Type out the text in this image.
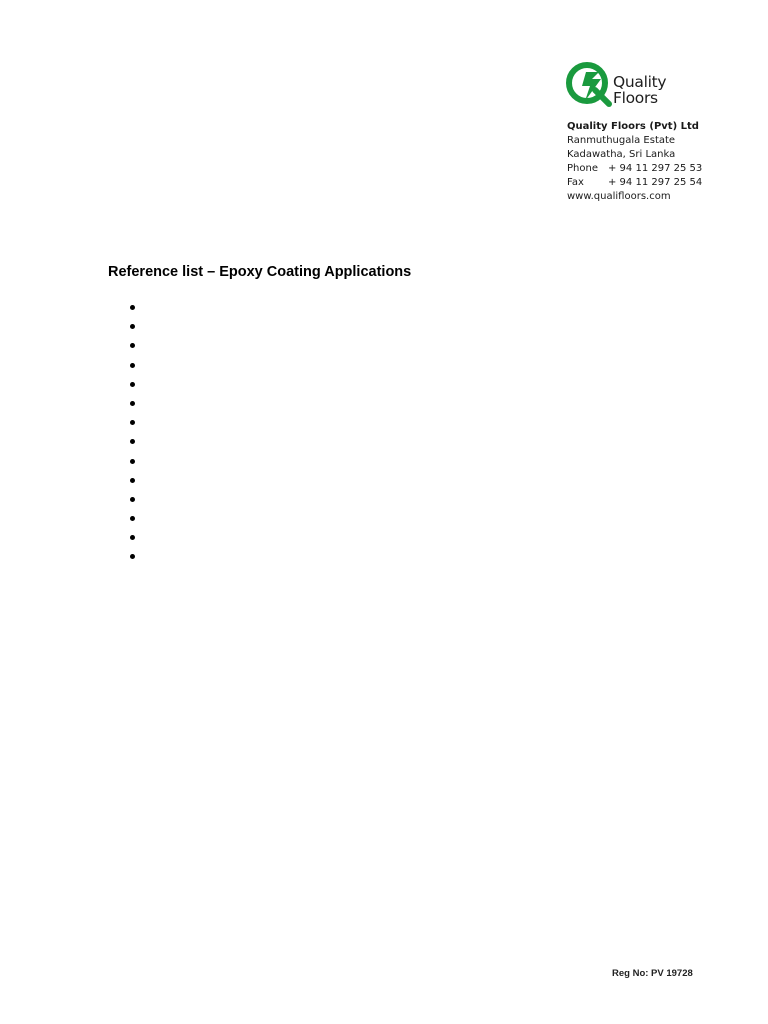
Quality
Floors
Quality Floors (Pvt) Ltd
Ranmuthugala Estate
Kadawatha, Sri Lanka
Phone + 94 11 297 25 53
Fax + 94 11 297 25 54
www.qualifloors.com
Reference list – Epoxy Coating Applications
Reg No: PV 19728
